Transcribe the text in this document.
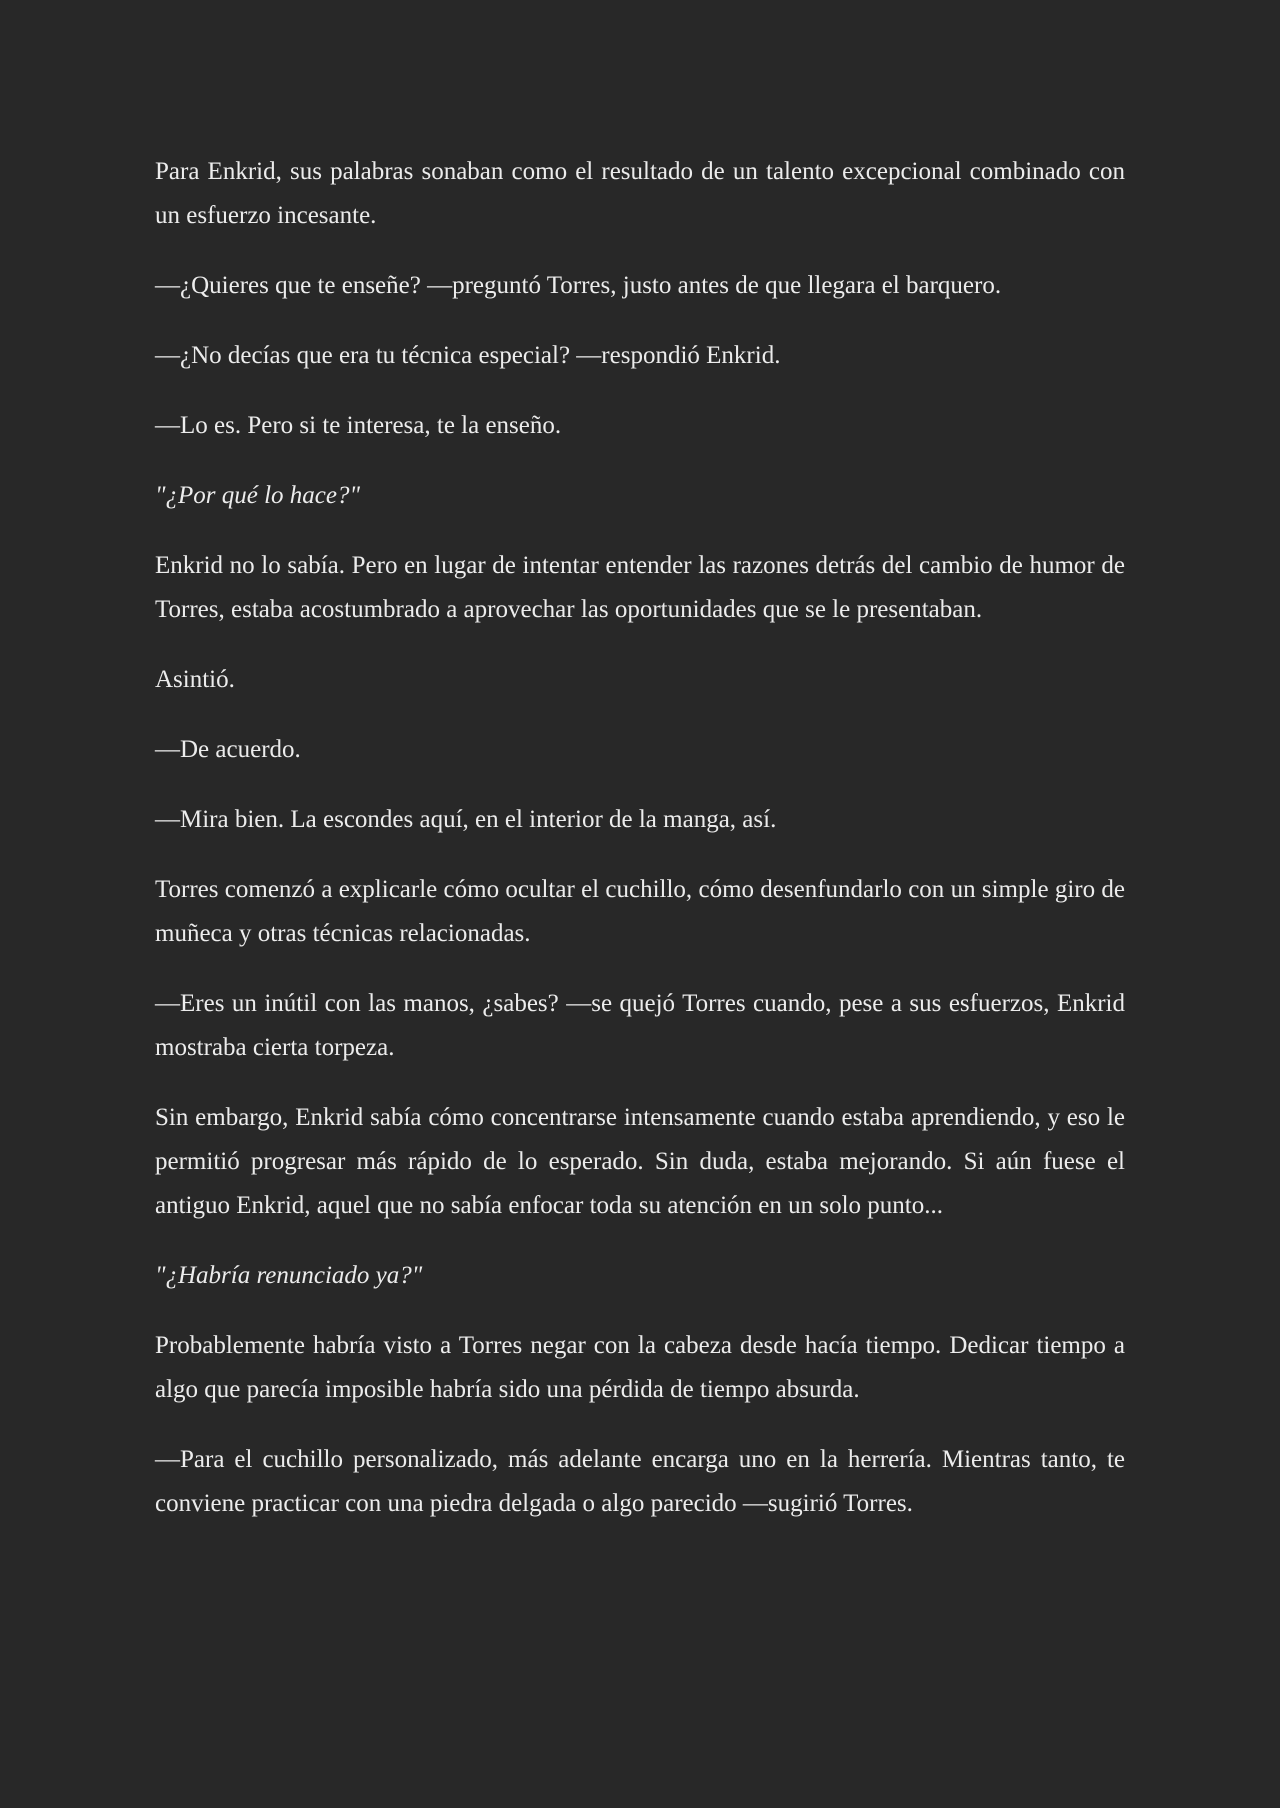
Para Enkrid, sus palabras sonaban como el resultado de un talento excepcional combinado con un esfuerzo incesante.

—¿Quieres que te enseñe? —preguntó Torres, justo antes de que llegara el barquero.

—¿No decías que era tu técnica especial? —respondió Enkrid.

—Lo es. Pero si te interesa, te la enseño.

"¿Por qué lo hace?"

Enkrid no lo sabía. Pero en lugar de intentar entender las razones detrás del cambio de humor de Torres, estaba acostumbrado a aprovechar las oportunidades que se le presentaban.

Asintió.

—De acuerdo.

—Mira bien. La escondes aquí, en el interior de la manga, así.

Torres comenzó a explicarle cómo ocultar el cuchillo, cómo desenfundarlo con un simple giro de muñeca y otras técnicas relacionadas.

—Eres un inútil con las manos, ¿sabes? —se quejó Torres cuando, pese a sus esfuerzos, Enkrid mostraba cierta torpeza.

Sin embargo, Enkrid sabía cómo concentrarse intensamente cuando estaba aprendiendo, y eso le permitió progresar más rápido de lo esperado. Sin duda, estaba mejorando. Si aún fuese el antiguo Enkrid, aquel que no sabía enfocar toda su atención en un solo punto...

"¿Habría renunciado ya?"

Probablemente habría visto a Torres negar con la cabeza desde hacía tiempo. Dedicar tiempo a algo que parecía imposible habría sido una pérdida de tiempo absurda.

—Para el cuchillo personalizado, más adelante encarga uno en la herrería. Mientras tanto, te conviene practicar con una piedra delgada o algo parecido —sugirió Torres.
